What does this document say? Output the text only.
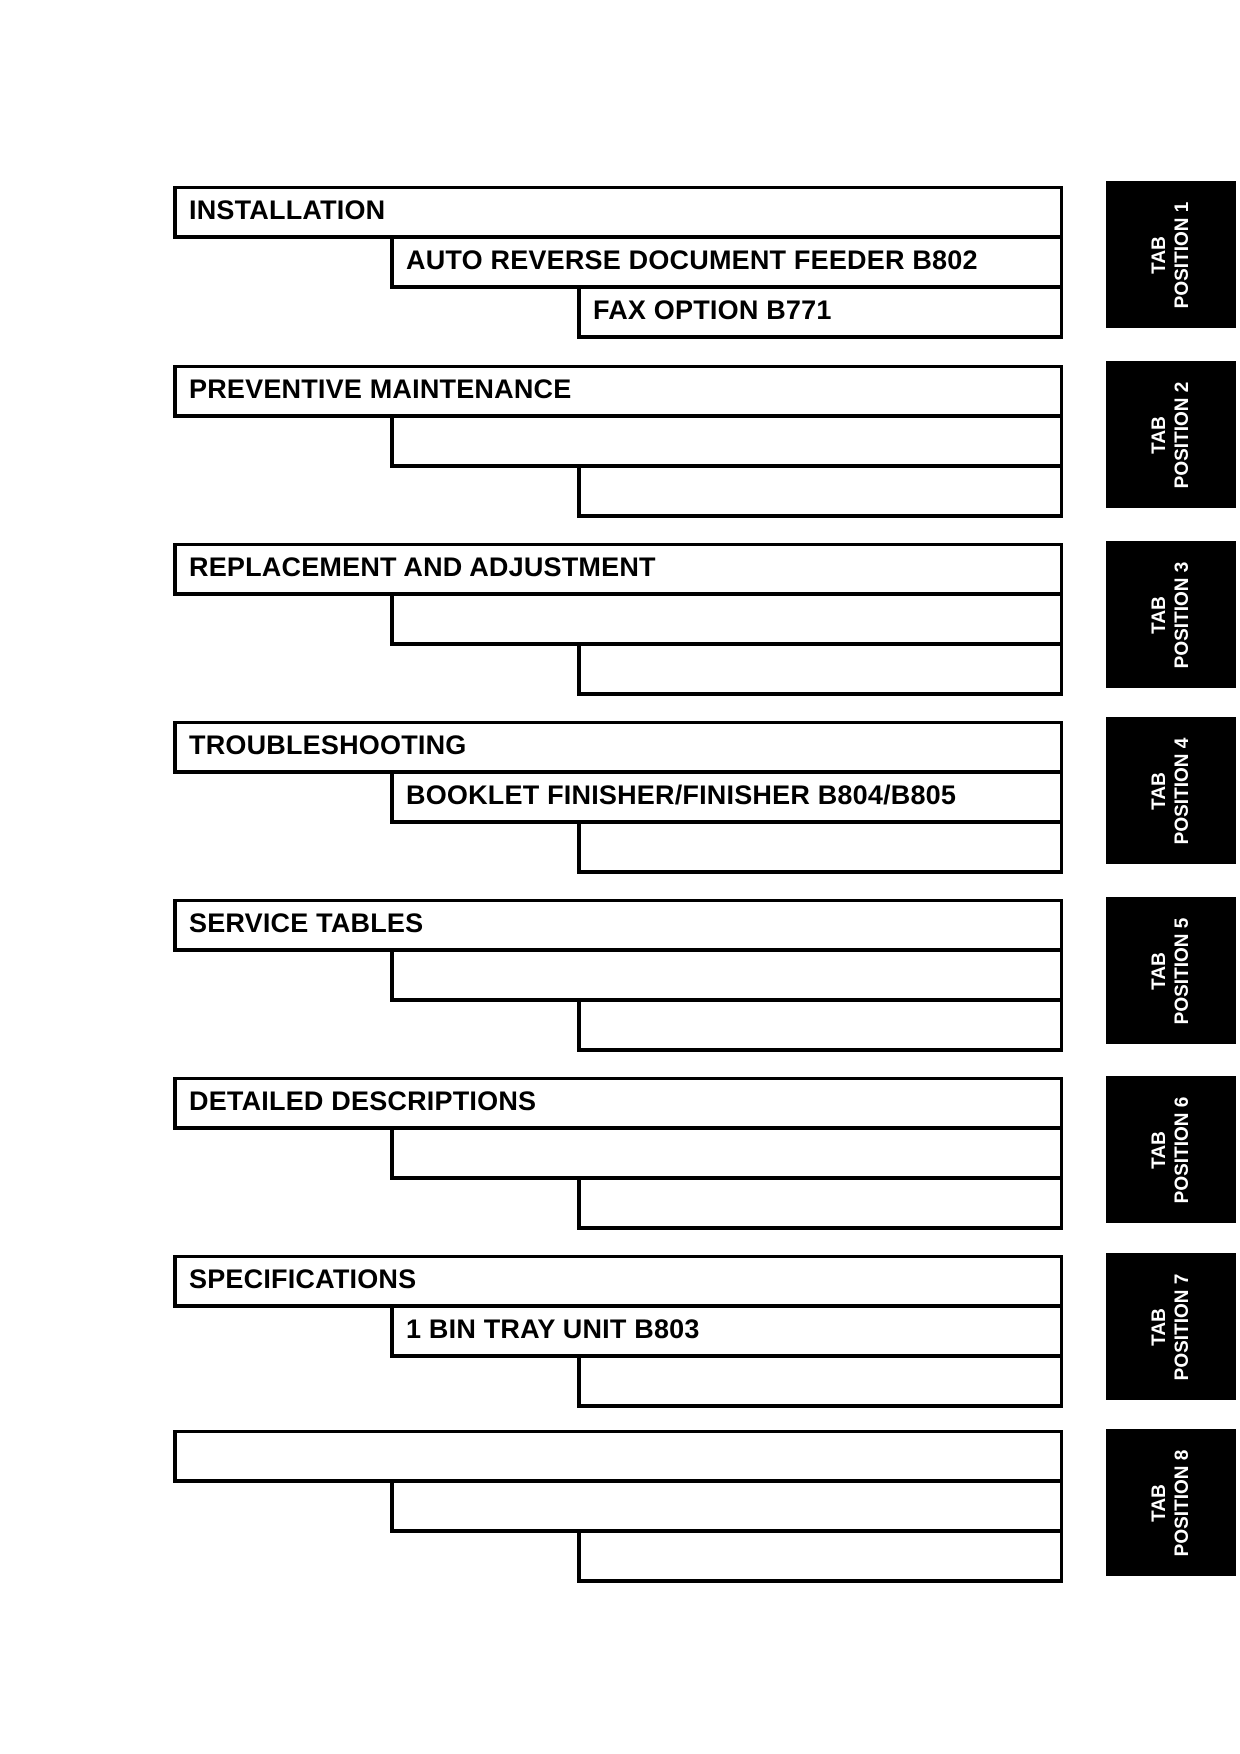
INSTALLATION
AUTO REVERSE DOCUMENT FEEDER B802
FAX OPTION B771
TAB POSITION 1
PREVENTIVE MAINTENANCE
TAB POSITION 2
REPLACEMENT AND ADJUSTMENT
TAB POSITION 3
TROUBLESHOOTING
BOOKLET FINISHER/FINISHER B804/B805	TAB POSITION 4
SERVICE TABLES
TAB POSITION 5
DETAILED DESCRIPTIONS
TAB POSITION 6
SPECIFICATIONS
1 BIN TRAY UNIT B803	TAB POSITION 7
TAB POSITION 8
